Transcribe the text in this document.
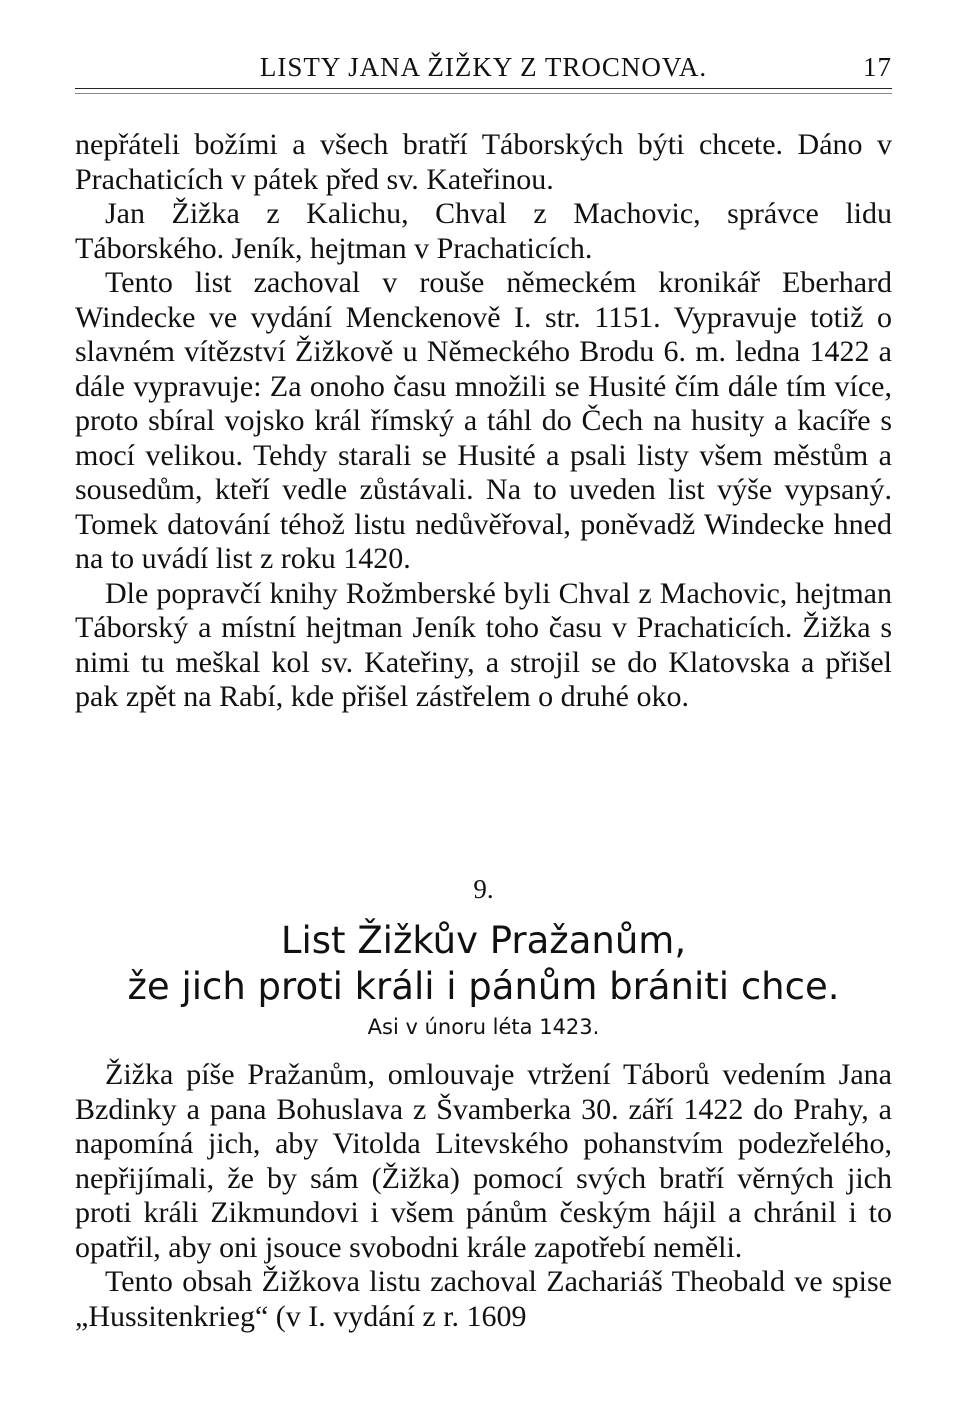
LISTY JANA ŽIŽKY Z TROCNOVA.	17

nepřáteli božími a všech bratří Táborských býti chcete. Dáno v Prachaticích v pátek před sv. Kateřinou.

Jan Žižka z Kalichu, Chval z Machovic, správce lidu Táborského. Jeník, hejtman v Prachaticích.

Tento list zachoval v rouše německém kronikář Eberhard Windecke ve vydání Menckenově I. str. 1151. Vypravuje totiž o slavném vítězství Žižkově u Německého Brodu 6. m. ledna 1422 a dále vypravuje: Za onoho času množili se Husité čím dále tím více, proto sbíral vojsko král římský a táhl do Čech na husity a kacíře s mocí velikou. Tehdy starali se Husité a psali listy všem městům a sousedům, kteří vedle zůstávali. Na to uveden list výše vypsaný. Tomek datování téhož listu nedůvěřoval, poněvadž Windecke hned na to uvádí list z roku 1420.

Dle popravčí knihy Rožmberské byli Chval z Machovic, hejtman Táborský a místní hejtman Jeník toho času v Prachaticích. Žižka s nimi tu meškal kol sv. Kateřiny, a strojil se do Klatovska a přišel pak zpět na Rabí, kde přišel zástřelem o druhé oko.

9.
List Žižkův Pražanům,
že jich proti králi i pánům brániti chce.
Asi v únoru léta 1423.

Žižka píše Pražanům, omlouvaje vtržení Táborů vedením Jana Bzdinky a pana Bohuslava z Švamberka 30. září 1422 do Prahy, a napomíná jich, aby Vitolda Litevského pohanstvím podezřelého, nepřijímali, že by sám (Žižka) pomocí svých bratří věrných jich proti králi Zikmundovi i všem pánům českým hájil a chránil i to opatřil, aby oni jsouce svobodni krále zapotřebí neměli.

Tento obsah Žižkova listu zachoval Zachariáš Theobald ve spise „Hussitenkrieg“ (v I. vydání z r. 1609
